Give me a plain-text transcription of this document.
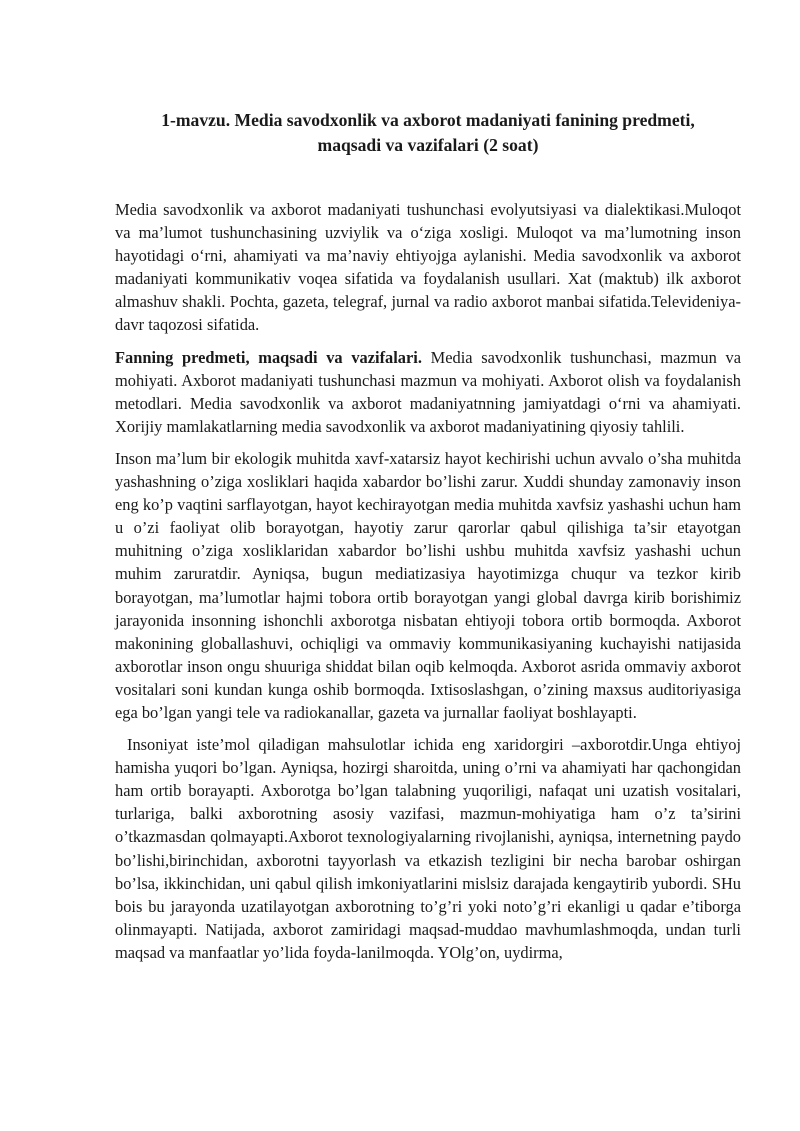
1-mavzu. Media savodxonlik va axborot madaniyati fanining predmeti,
maqsadi va vazifalari (2 soat)

Media savodxonlik va axborot madaniyati tushunchasi evolyutsiyasi va dialektikasi.Muloqot va ma’lumot tushunchasining uzviylik va o‘ziga xosligi. Muloqot va ma’lumotning inson hayotidagi o‘rni, ahamiyati va ma’naviy ehtiyojga aylanishi. Media savodxonlik va axborot madaniyati kommunikativ voqea sifatida va foydalanish usullari. Xat (maktub) ilk axborot almashuv shakli. Pochta, gazeta, telegraf, jurnal va radio axborot manbai sifatida.Televideniya-davr taqozosi sifatida.

Fanning predmeti, maqsadi va vazifalari. Media savodxonlik tushunchasi, mazmun va mohiyati. Axborot madaniyati tushunchasi mazmun va mohiyati. Axborot olish va foydalanish metodlari. Media savodxonlik va axborot madaniyatnning jamiyatdagi o‘rni va ahamiyati. Xorijiy mamlakatlarning media savodxonlik va axborot madaniyatining qiyosiy tahlili.

Inson ma’lum bir ekologik muhitda xavf-xatarsiz hayot kechirishi uchun avvalo o’sha muhitda yashashning o’ziga xosliklari haqida xabardor bo’lishi zarur. Xuddi shunday zamonaviy inson eng ko’p vaqtini sarflayotgan, hayot kechirayotgan media muhitda xavfsiz yashashi uchun ham u o’zi faoliyat olib borayotgan, hayotiy zarur qarorlar qabul qilishiga ta’sir etayotgan muhitning o’ziga xosliklaridan xabardor bo’lishi ushbu muhitda xavfsiz yashashi uchun muhim zaruratdir. Ayniqsa, bugun mediatizasiya hayotimizga chuqur va tezkor kirib borayotgan, ma’lumotlar hajmi tobora ortib borayotgan yangi global davrga kirib borishimiz jarayonida insonning ishonchli axborotga nisbatan ehtiyoji tobora ortib bormoqda. Axborot makonining globallashuvi, ochiqligi va ommaviy kommunikasiyaning kuchayishi natijasida axborotlar inson ongu shuuriga shiddat bilan oqib kelmoqda. Axborot asrida ommaviy axborot vositalari soni kundan kunga oshib bormoqda. Ixtisoslashgan, o’zining maxsus auditoriyasiga ega bo’lgan yangi tele va radiokanallar, gazeta va jurnallar faoliyat boshlayapti.

Insoniyat iste’mol qiladigan mahsulotlar ichida eng xaridorgiri –axborotdir.Unga ehtiyoj hamisha yuqori bo’lgan. Ayniqsa, hozirgi sharoitda, uning o’rni va ahamiyati har qachongidan ham ortib borayapti. Axborotga bo’lgan talabning yuqoriligi, nafaqat uni uzatish vositalari, turlariga, balki axborotning asosiy vazifasi, mazmun-mohiyatiga ham o’z ta’sirini o’tkazmasdan qolmayapti.Axborot texnologiyalarning rivojlanishi, ayniqsa, internetning paydo bo’lishi,birinchidan, axborotni tayyorlash va etkazish tezligini bir necha barobar oshirgan bo’lsa, ikkinchidan, uni qabul qilish imkoniyatlarini mislsiz darajada kengaytirib yubordi. SHu bois bu jarayonda uzatilayotgan axborotning to’g’ri yoki noto’g’ri ekanligi u qadar e’tiborga olinmayapti. Natijada, axborot zamiridagi maqsad-muddao mavhumlashmoqda, undan turli maqsad va manfaatlar yo’lida foyda-lanilmoqda. YOlg’on, uydirma,
